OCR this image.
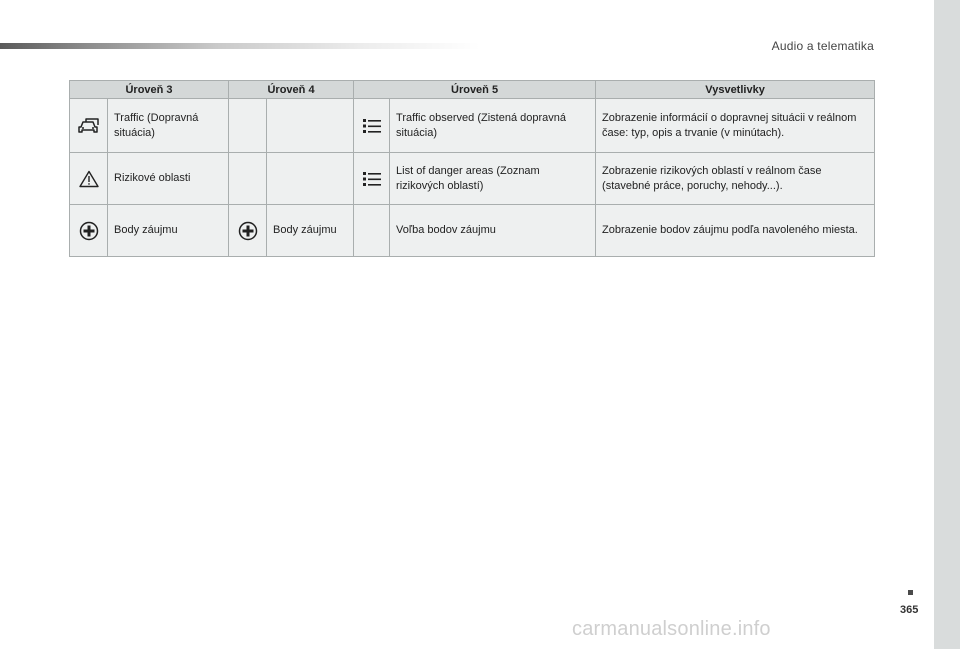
Audio a telematika
Úroveň 3		Úroveň 4		Úroveň 5		Vysvetlivky
	Traffic (Dopravná situácia)				Traffic observed (Zistená dopravná situácia)	Zobrazenie informácií o dopravnej situácii v reálnom čase: typ, opis a trvanie (v minútach).
	Rizikové oblasti				List of danger areas (Zoznam rizikových oblastí)	Zobrazenie rizikových oblastí v reálnom čase (stavebné práce, poruchy, nehody...).
	Body záujmu		Body záujmu		Voľba bodov záujmu	Zobrazenie bodov záujmu podľa navoleného miesta.
365
carmanualsonline.info
